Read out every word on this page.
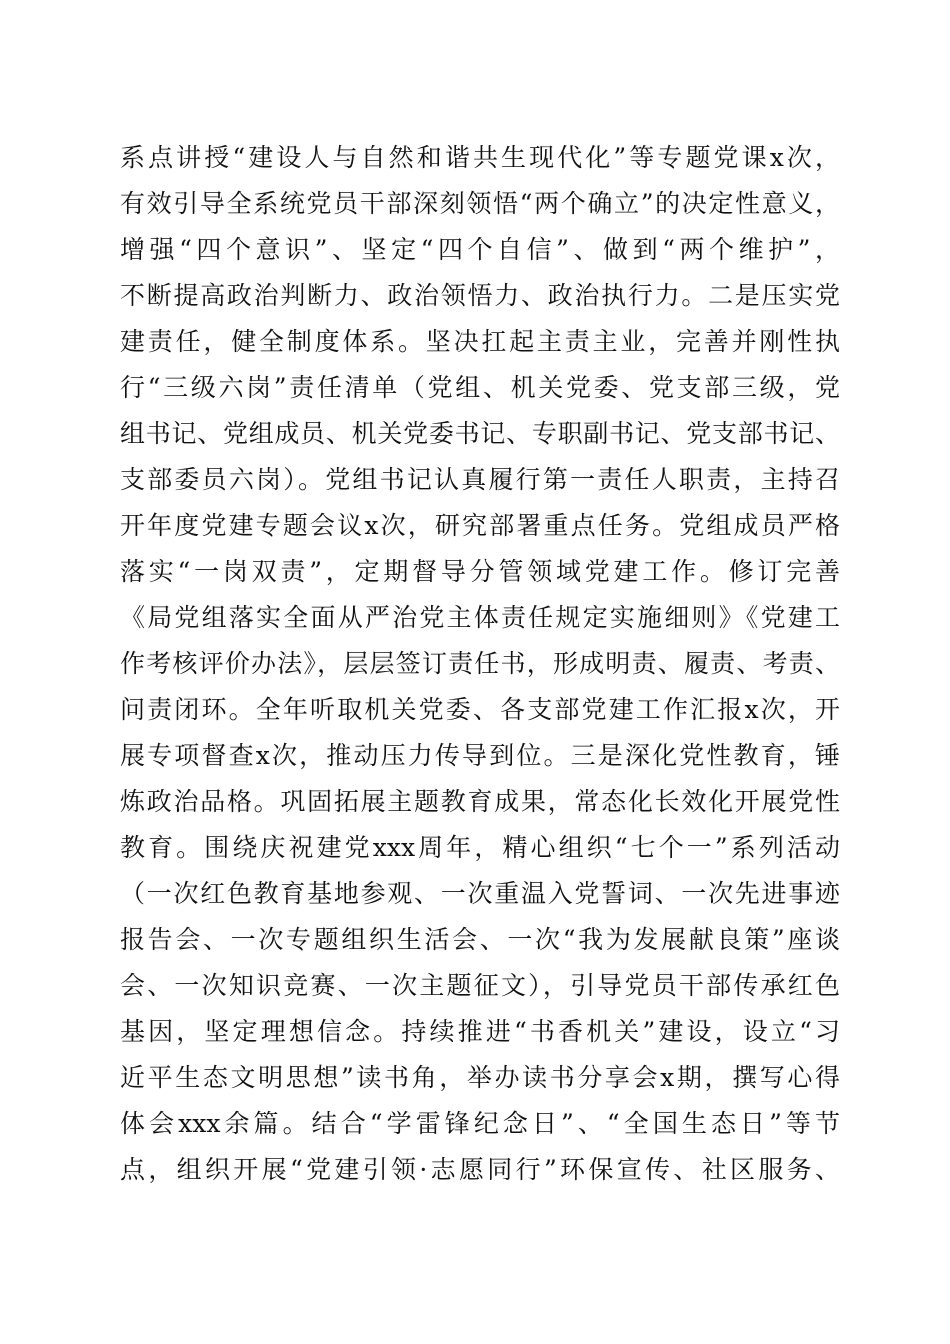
系点讲授“建设人与自然和谐共生现代化”等专题党课x次，
有效引导全系统党员干部深刻领悟“两个确立”的决定性意义，
增强“四个意识”、坚定“四个自信”、做到“两个维护”，
不断提高政治判断力、政治领悟力、政治执行力。二是压实党
建责任，健全制度体系。坚决扛起主责主业，完善并刚性执
行“三级六岗”责任清单（党组、机关党委、党支部三级，党
组书记、党组成员、机关党委书记、专职副书记、党支部书记、
支部委员六岗）。党组书记认真履行第一责任人职责，主持召
开年度党建专题会议x次，研究部署重点任务。党组成员严格
落实“一岗双责”，定期督导分管领域党建工作。修订完善
《局党组落实全面从严治党主体责任规定实施细则》《党建工
作考核评价办法》，层层签订责任书，形成明责、履责、考责、
问责闭环。全年听取机关党委、各支部党建工作汇报x次，开
展专项督查x次，推动压力传导到位。三是深化党性教育，锤
炼政治品格。巩固拓展主题教育成果，常态化长效化开展党性
教育。围绕庆祝建党xxx周年，精心组织“七个一”系列活动
（一次红色教育基地参观、一次重温入党誓词、一次先进事迹
报告会、一次专题组织生活会、一次“我为发展献良策”座谈
会、一次知识竞赛、一次主题征文），引导党员干部传承红色
基因，坚定理想信念。持续推进“书香机关”建设，设立“习
近平生态文明思想”读书角，举办读书分享会x期，撰写心得
体会xxx余篇。结合“学雷锋纪念日”、“全国生态日”等节
点，组织开展“党建引领·志愿同行”环保宣传、社区服务、
